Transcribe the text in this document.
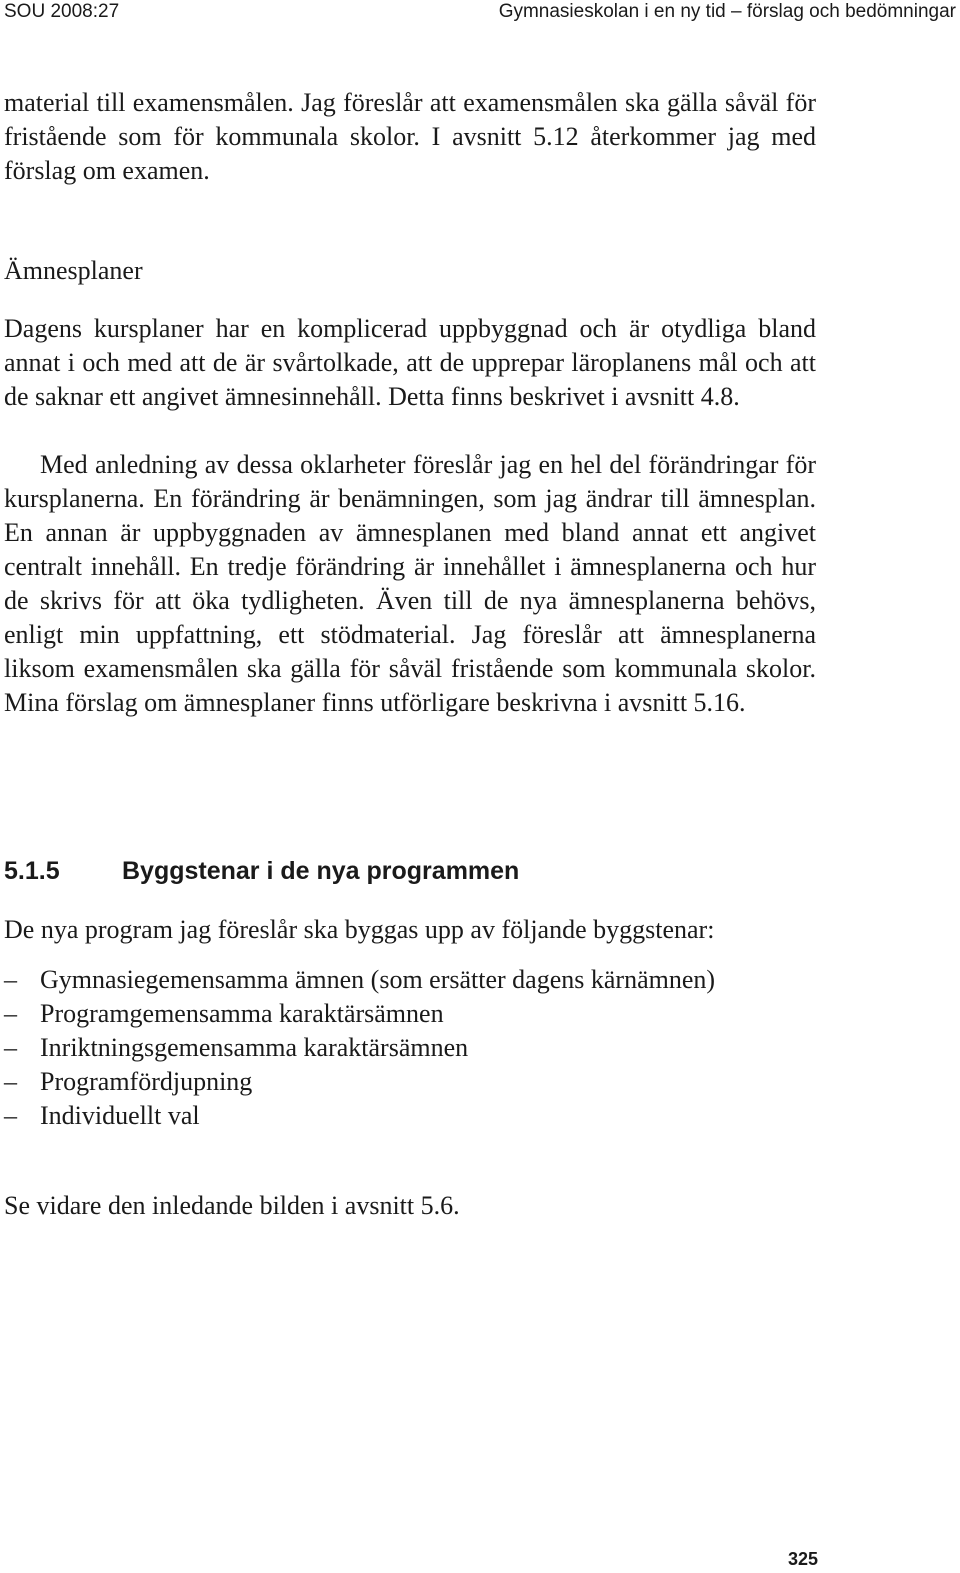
SOU 2008:27	Gymnasieskolan i en ny tid – förslag och bedömningar

material till examensmålen. Jag föreslår att examensmålen ska gälla såväl för fristående som för kommunala skolor. I avsnitt 5.12 återkommer jag med förslag om examen.

Ämnesplaner

Dagens kursplaner har en komplicerad uppbyggnad och är otydliga bland annat i och med att de är svårtolkade, att de upprepar läroplanens mål och att de saknar ett angivet ämnesinnehåll. Detta finns beskrivet i avsnitt 4.8.

Med anledning av dessa oklarheter föreslår jag en hel del förändringar för kursplanerna. En förändring är benämningen, som jag ändrar till ämnesplan. En annan är uppbyggnaden av ämnesplanen med bland annat ett angivet centralt innehåll. En tredje förändring är innehållet i ämnesplanerna och hur de skrivs för att öka tydligheten. Även till de nya ämnesplanerna behövs, enligt min uppfattning, ett stödmaterial. Jag föreslår att ämnesplanerna liksom examensmålen ska gälla för såväl fristående som kommunala skolor. Mina förslag om ämnesplaner finns utförligare beskrivna i avsnitt 5.16.

5.1.5 Byggstenar i de nya programmen

De nya program jag föreslår ska byggas upp av följande byggstenar:

– Gymnasiegemensamma ämnen (som ersätter dagens kärnämnen)
– Programgemensamma karaktärsämnen
– Inriktningsgemensamma karaktärsämnen
– Programfördjupning
– Individuellt val

Se vidare den inledande bilden i avsnitt 5.6.

325
